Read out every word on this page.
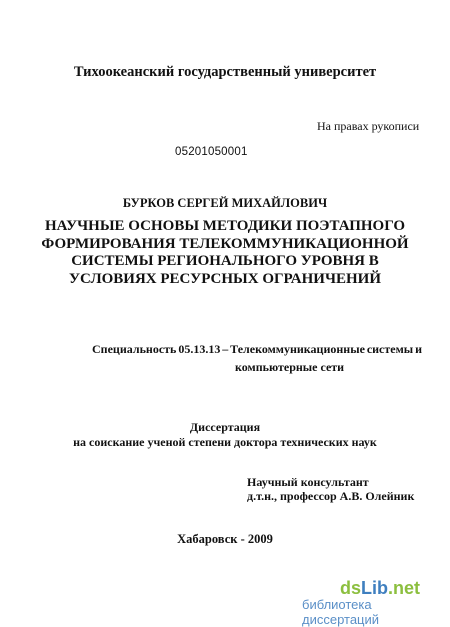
Тихоокеанский государственный университет
На правах рукописи
05201050001
БУРКОВ СЕРГЕЙ МИХАЙЛОВИЧ
НАУЧНЫЕ ОСНОВЫ МЕТОДИКИ ПОЭТАПНОГО
ФОРМИРОВАНИЯ ТЕЛЕКОММУНИКАЦИОННОЙ
СИСТЕМЫ РЕГИОНАЛЬНОГО УРОВНЯ В
УСЛОВИЯХ РЕСУРСНЫХ ОГРАНИЧЕНИЙ
Специальность 05.13.13 – Телекоммуникационные системы и
компьютерные сети
Диссертация
на соискание ученой степени доктора технических наук
Научный консультант
д.т.н., профессор А.В. Олейник
Хабаровск - 2009
dsLib.net
библиотека диссертаций
